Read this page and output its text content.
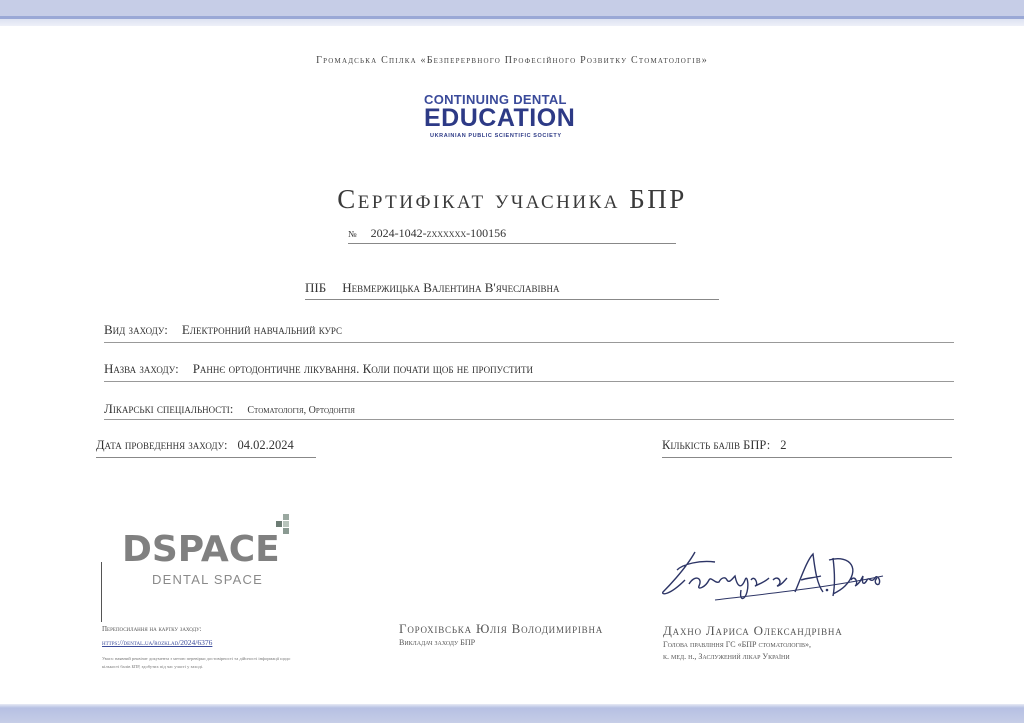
Громадська Спілка «Безперервного Професійного Розвитку Стоматологів»
CONTINUING DENTAL
EDUCATION
UKRAINIAN PUBLIC SCIENTIFIC SOCIETY
Сертифікат учасника БПР
№ 2024-1042-zxxxxxx-100156
ПІБ Невмержицька Валентина В'ячеславівна
Вид заходу: Електронний навчальний курс
Назва заходу: Раннє ортодонтичне лікування. Коли почати щоб не пропустити
Лікарські спеціальності: Стоматологія, Ортодонтія
Дата проведення заходу: 04.02.2024	Кількість балів БПР: 2
DSPACE
DENTAL SPACE
Перепосилання на картку заходу:
https://dental.ua/rozklad/2024/6376
Увага: наявний реквізит документа з метою перевірки достовірності та дійсності інформації щодо кількості балів БПР, здобутих під час участі у заході.
Горохівська Юлія Володимирівна
Викладач заходу БПР
Дахно Лариса Олександрівна
Голова правління ГС «БПР стоматологів»,
к. мед. н., Заслужений лікар України
